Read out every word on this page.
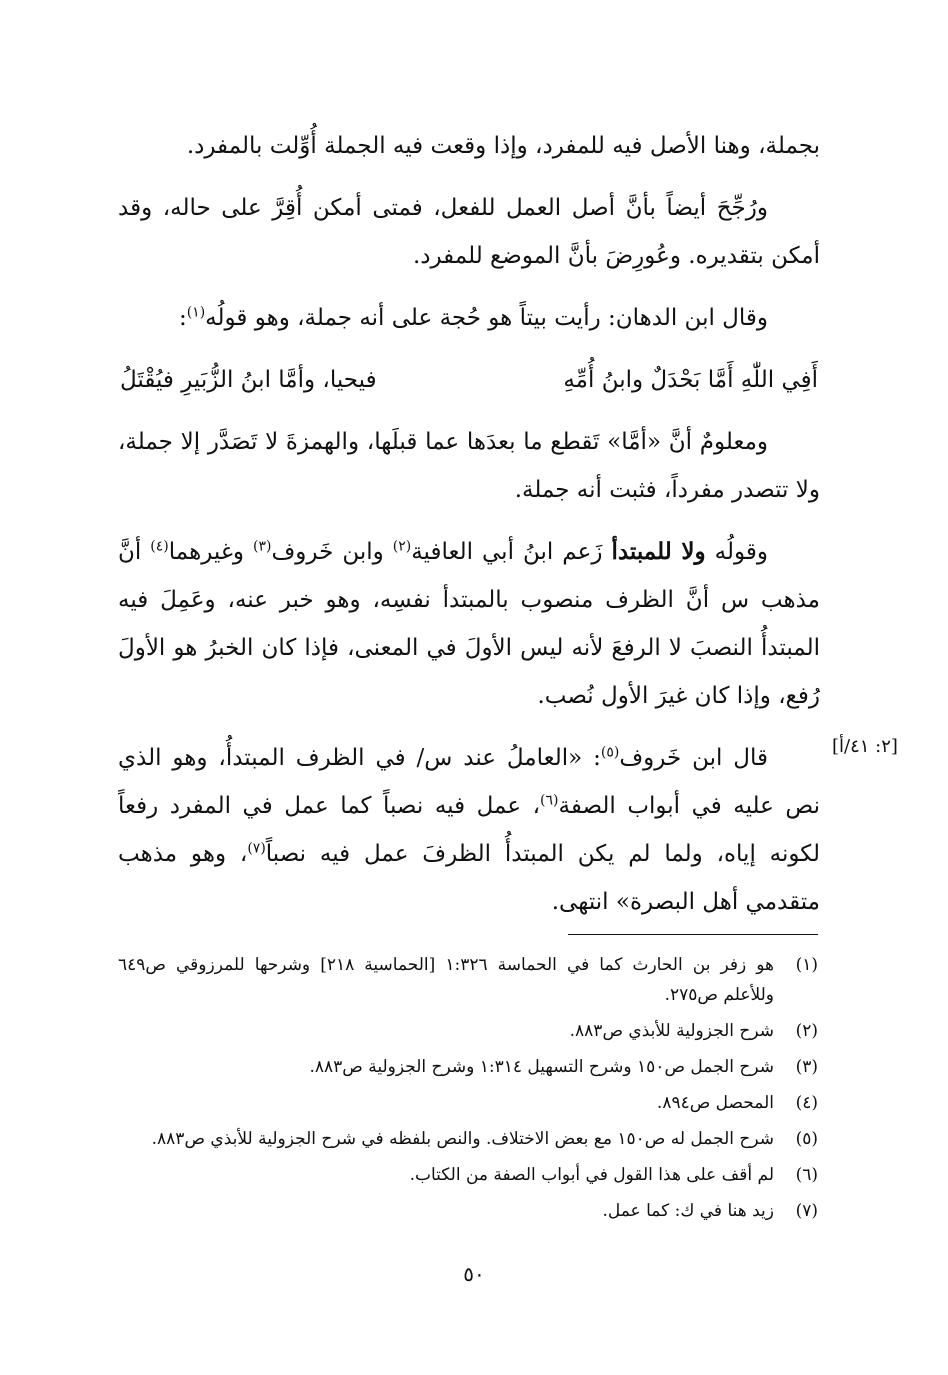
بجملة، وهنا الأصل فيه للمفرد، وإذا وقعت فيه الجملة أُوِّلت بالمفرد.

ورُجِّحَ أيضاً بأنَّ أصل العمل للفعل، فمتى أمكن أُقِرَّ على حاله، وقد أمكن بتقديره. وعُورِضَ بأنَّ الموضع للمفرد.

وقال ابن الدهان: رأيت بيتاً هو حُجة على أنه جملة، وهو قولُه$^{(١)}$:

أَفِي اللّٰهِ أَمَّا بَحْدَلٌ وابنُ أُمِّهِ
فيحيا، وأمَّا ابنُ الزُّبَيرِ فيُقْتَلُ

ومعلومٌ أنَّ «أمَّا» تَقطع ما بعدَها عما قبلَها، والهمزةَ لا تَصَدَّر إلا جملة، ولا تتصدر مفرداً، فثبت أنه جملة.

وقولُه ولا للمبتدأ زَعم ابنُ أبي العافية$^{(٢)}$ وابن خَروف$^{(٣)}$ وغيرهما$^{(٤)}$ أنَّ مذهب س أنَّ الظرف منصوب بالمبتدأ نفسِه، وهو خبر عنه، وعَمِلَ فيه المبتدأُ النصبَ لا الرفعَ لأنه ليس الأولَ في المعنى، فإذا كان الخبرُ هو الأولَ رُفع، وإذا كان غيرَ الأول نُصب.

قال ابن خَروف$^{(٥)}$: «العاملُ عند س/ في الظرف المبتدأُ، وهو الذي نص عليه في أبواب الصفة$^{(٦)}$، عمل فيه نصباً كما عمل في المفرد رفعاً لكونه إياه، ولما لم يكن المبتدأُ الظرفَ عمل فيه نصباً$^{(٧)}$، وهو مذهب متقدمي أهل البصرة» انتهى.

[٢: ٤١/أ]
(١)
هو زفر بن الحارث كما في الحماسة ١:٣٢٦ [الحماسية ٢١٨] وشرحها للمرزوقي ص٦٤٩ وللأعلم ص٢٧٥.
(٢)
شرح الجزولية للأبذي ص٨٨٣.
(٣)
شرح الجمل ص١٥٠ وشرح التسهيل ١:٣١٤ وشرح الجزولية ص٨٨٣.
(٤)
المحصل ص٨٩٤.
(٥)
شرح الجمل له ص١٥٠ مع بعض الاختلاف. والنص بلفظه في شرح الجزولية للأبذي ص٨٨٣.
(٦)
لم أقف على هذا القول في أبواب الصفة من الكتاب.
(٧)
زيد هنا في ك: كما عمل.
٥٠
